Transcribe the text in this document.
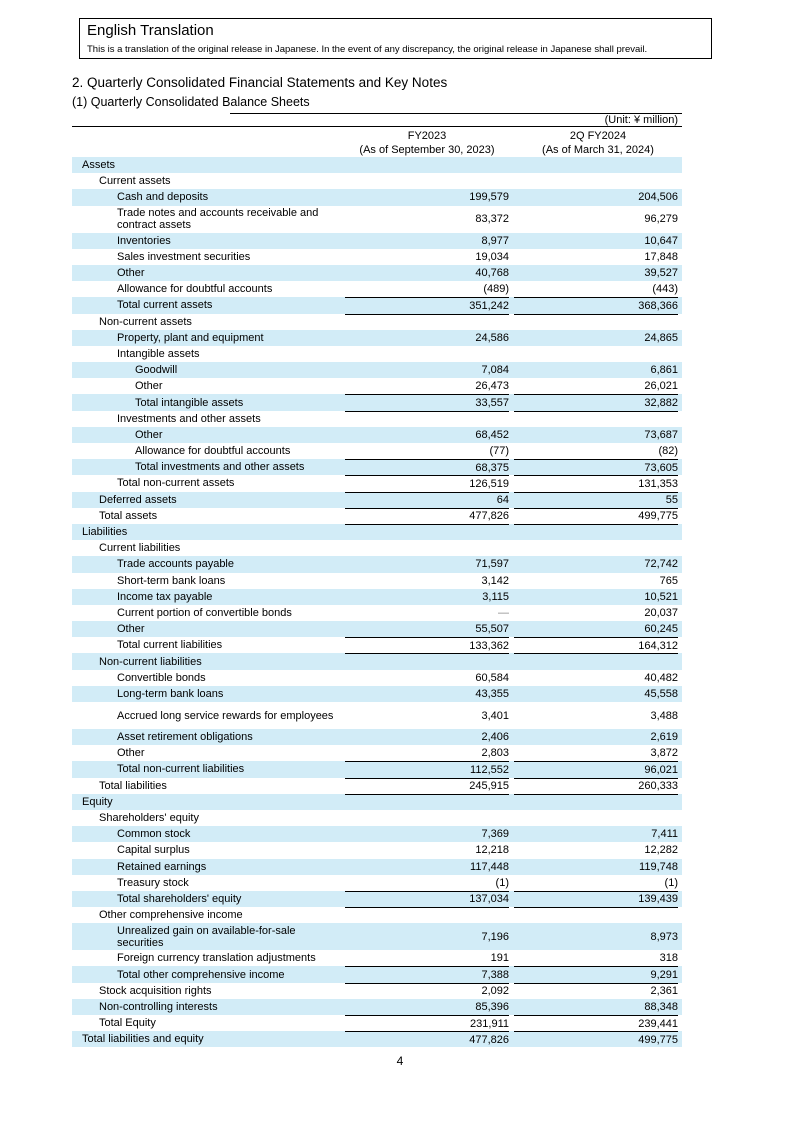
English Translation
This is a translation of the original release in Japanese. In the event of any discrepancy, the original release in Japanese shall prevail.
2. Quarterly Consolidated Financial Statements and Key Notes
(1) Quarterly Consolidated Balance Sheets
(Unit: ¥ million)
FY2023
(As of September 30, 2023)
2Q FY2024
(As of March 31, 2024)
Assets
Current assets
Cash and deposits	199,579	204,506
Trade notes and accounts receivable and contract assets	83,372	96,279
Inventories	8,977	10,647
Sales investment securities	19,034	17,848
Other	40,768	39,527
Allowance for doubtful accounts	(489)	(443)
Total current assets	351,242	368,366
Non-current assets
Property, plant and equipment	24,586	24,865
Intangible assets
Goodwill	7,084	6,861
Other	26,473	26,021
Total intangible assets	33,557	32,882
Investments and other assets
Other	68,452	73,687
Allowance for doubtful accounts	(77)	(82)
Total investments and other assets	68,375	73,605
Total non-current assets	126,519	131,353
Deferred assets	64	55
Total assets	477,826	499,775
Liabilities
Current liabilities
Trade accounts payable	71,597	72,742
Short-term bank loans	3,142	765
Income tax payable	3,115	10,521
Current portion of convertible bonds	—	20,037
Other	55,507	60,245
Total current liabilities	133,362	164,312
Non-current liabilities
Convertible bonds	60,584	40,482
Long-term bank loans	43,355	45,558
Accrued long service rewards for employees	3,401	3,488
Asset retirement obligations	2,406	2,619
Other	2,803	3,872
Total non-current liabilities	112,552	96,021
Total liabilities	245,915	260,333
Equity
Shareholders' equity
Common stock	7,369	7,411
Capital surplus	12,218	12,282
Retained earnings	117,448	119,748
Treasury stock	(1)	(1)
Total shareholders' equity	137,034	139,439
Other comprehensive income
Unrealized gain on available-for-sale securities	7,196	8,973
Foreign currency translation adjustments	191	318
Total other comprehensive income	7,388	9,291
Stock acquisition rights	2,092	2,361
Non-controlling interests	85,396	88,348
Total Equity	231,911	239,441
Total liabilities and equity	477,826	499,775
4
